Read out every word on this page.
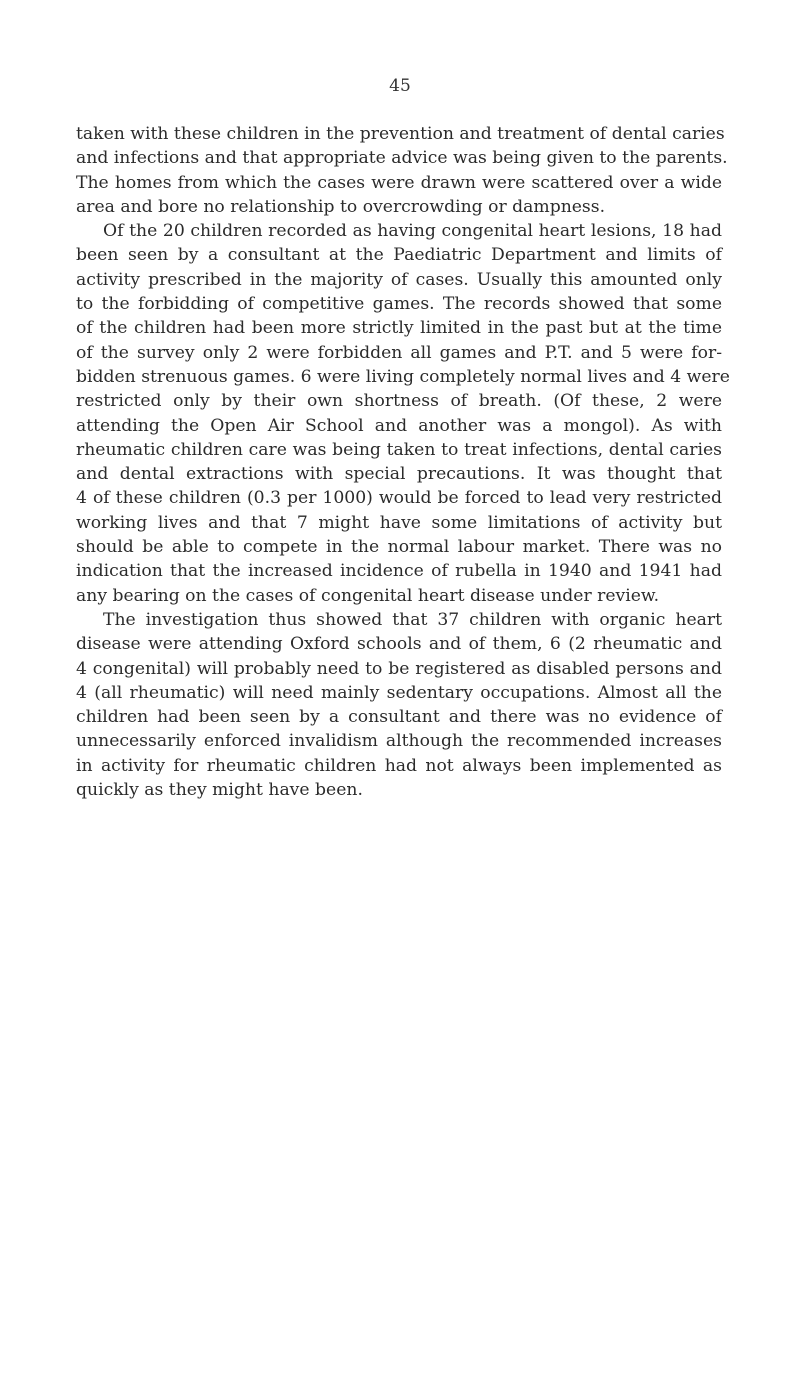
45
taken with these children in the prevention and treatment of dental caries
and infections and that appropriate advice was being given to the parents.
The homes from which the cases were drawn were scattered over a wide
area and bore no relationship to overcrowding or dampness.
Of the 20 children recorded as having congenital heart lesions, 18 had
been seen by a consultant at the Paediatric Department and limits of
activity prescribed in the majority of cases. Usually this amounted only
to the forbidding of competitive games. The records showed that some
of the children had been more strictly limited in the past but at the time
of the survey only 2 were forbidden all games and P.T. and 5 were for-
bidden strenuous games. 6 were living completely normal lives and 4 were
restricted only by their own shortness of breath. (Of these, 2 were
attending the Open Air School and another was a mongol). As with
rheumatic children care was being taken to treat infections, dental caries
and dental extractions with special precautions. It was thought that
4 of these children (0.3 per 1000) would be forced to lead very restricted
working lives and that 7 might have some limitations of activity but
should be able to compete in the normal labour market. There was no
indication that the increased incidence of rubella in 1940 and 1941 had
any bearing on the cases of congenital heart disease under review.
The investigation thus showed that 37 children with organic heart
disease were attending Oxford schools and of them, 6 (2 rheumatic and
4 congenital) will probably need to be registered as disabled persons and
4 (all rheumatic) will need mainly sedentary occupations. Almost all the
children had been seen by a consultant and there was no evidence of
unnecessarily enforced invalidism although the recommended increases
in activity for rheumatic children had not always been implemented as
quickly as they might have been.
